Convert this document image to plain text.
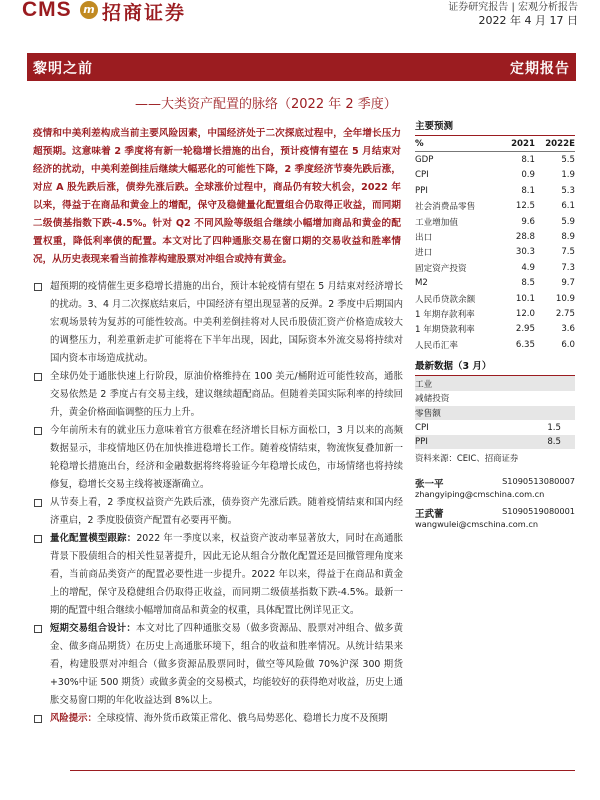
CMS m 招商证券	证券研究报告 | 宏观分析报告
2022 年 4 月 17 日
黎明之前	定期报告
——大类资产配置的脉络（2022 年 2 季度）
疫情和中美利差构成当前主要风险因素，中国经济处于二次探底过程中，全年增长压力超预期。这意味着 2 季度将有新一轮稳增长措施的出台，预计疫情有望在 5 月结束对经济的扰动，中美利差倒挂后继续大幅恶化的可能性下降，2 季度经济节奏先跌后涨，对应 A 股先跌后涨，债券先涨后跌。全球涨价过程中，商品仍有较大机会，2022 年以来，得益于在商品和黄金上的增配，保守及稳健量化配置组合仍取得正收益，而同期二级债基指数下跌-4.5%。针对 Q2 不同风险等级组合继续小幅增加商品和黄金的配置权重，降低利率债的配置。本文对比了四种通胀交易在窗口期的交易收益和胜率情况，从历史表现来看当前推荐构建股票对冲组合或持有黄金。
超预期的疫情催生更多稳增长措施的出台，预计本轮疫情有望在 5 月结束对经济增长的扰动。3、4 月二次探底结束后，中国经济有望出现显著的反弹。2 季度中后期国内宏观场景转为复苏的可能性较高。中美利差倒挂将对人民币股债汇资产价格造成较大的调整压力，利差重新走扩可能将在下半年出现，因此，国际资本外流交易将持续对国内资本市场造成扰动。
全球仍处于通胀快速上行阶段，原油价格维持在 100 美元/桶附近可能性较高，通胀交易依然是 2 季度占有交易主线，建议继续超配商品。但随着美国实际利率的持续回升，黄金价格面临调整的压力上升。
今年前所未有的就业压力意味着官方很难在经济增长目标方面松口，3 月以来的高频数据显示，非疫情地区仍在加快推进稳增长工作。随着疫情结束，物流恢复叠加新一轮稳增长措施出台，经济和金融数据将终将验证今年稳增长成色，市场情绪也将持续修复，稳增长交易主线将被逐渐确立。
从节奏上看，2 季度权益资产先跌后涨，债券资产先涨后跌。随着疫情结束和国内经济重启，2 季度股债资产配置有必要再平衡。
量化配置模型跟踪：2022 年一季度以来，权益资产波动率显著放大，同时在高通胀背景下股债组合的相关性显著提升，因此无论从组合分散化配置还是回撤管理角度来看，当前商品类资产的配置必要性进一步提升。2022 年以来，得益于在商品和黄金上的增配，保守及稳健组合仍取得正收益，而同期二级债基指数下跌-4.5%。最新一期的配置中组合继续小幅增加商品和黄金的权重，具体配置比例详见正文。
短期交易组合设计：本文对比了四种通胀交易（做多资源品、股票对冲组合、做多黄金、做多商品期货）在历史上高通胀环境下，组合的收益和胜率情况。从统计结果来看，构建股票对冲组合（做多资源品股票同时，做空等风险做 70%沪深 300 期货+30%中证 500 期货）或做多黄金的交易模式，均能较好的获得绝对收益，历史上通胀交易窗口期的年化收益达到 8%以上。
风险提示：全球疫情、海外货币政策正常化、俄乌局势恶化、稳增长力度不及预期
主要预测
%	2021	2022E
GDP	8.1	5.5
CPI	0.9	1.9
PPI	8.1	5.3
社会消费品零售	12.5	6.1
工业增加值	9.6	5.9
出口	28.8	8.9
进口	30.3	7.5
固定资产投资	4.9	7.3
M2	8.5	9.7
人民币贷款余额	10.1	10.9
1 年期存款利率	12.0	2.75
1 年期贷款利率	2.95	3.6
人民币汇率	6.35	6.0
最新数据（3 月）
工业	
减储投资	
零售额	
CPI	1.5
PPI	8.5
资料来源：CEIC、招商证券
张一平	S1090513080007
zhangyiping@cmschina.com.cn
王武蕾	S1090519080001
wangwulei@cmschina.com.cn
